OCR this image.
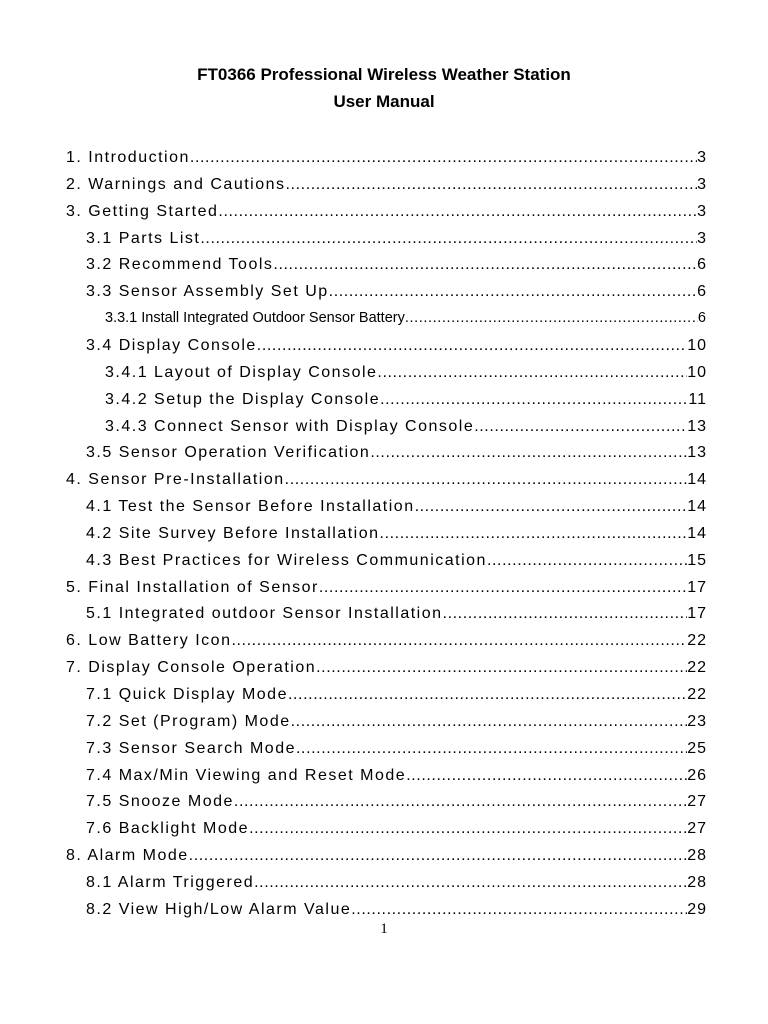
FT0366 Professional Wireless Weather Station
User Manual
1. Introduction .....	3
2. Warnings and Cautions .....	3
3. Getting Started .....	3
3.1 Parts List .....	3
3.2 Recommend Tools .....	6
3.3 Sensor Assembly Set Up .....	6
3.3.1 Install Integrated Outdoor Sensor Battery .....	6
3.4 Display Console .....	10
3.4.1 Layout of Display Console .....	10
3.4.2 Setup the Display Console .....	11
3.4.3 Connect Sensor with Display Console .....	13
3.5 Sensor Operation Verification .....	13
4. Sensor Pre-Installation .....	14
4.1 Test the Sensor Before Installation .....	14
4.2 Site Survey Before Installation .....	14
4.3 Best Practices for Wireless Communication .....	15
5. Final Installation of Sensor .....	17
5.1 Integrated outdoor Sensor Installation .....	17
6. Low Battery Icon .....	22
7. Display Console Operation .....	22
7.1 Quick Display Mode .....	22
7.2 Set (Program) Mode .....	23
7.3 Sensor Search Mode .....	25
7.4 Max/Min Viewing and Reset Mode .....	26
7.5 Snooze Mode .....	27
7.6 Backlight Mode .....	27
8. Alarm Mode .....	28
8.1 Alarm Triggered .....	28
8.2 View High/Low Alarm Value .....	29
1
